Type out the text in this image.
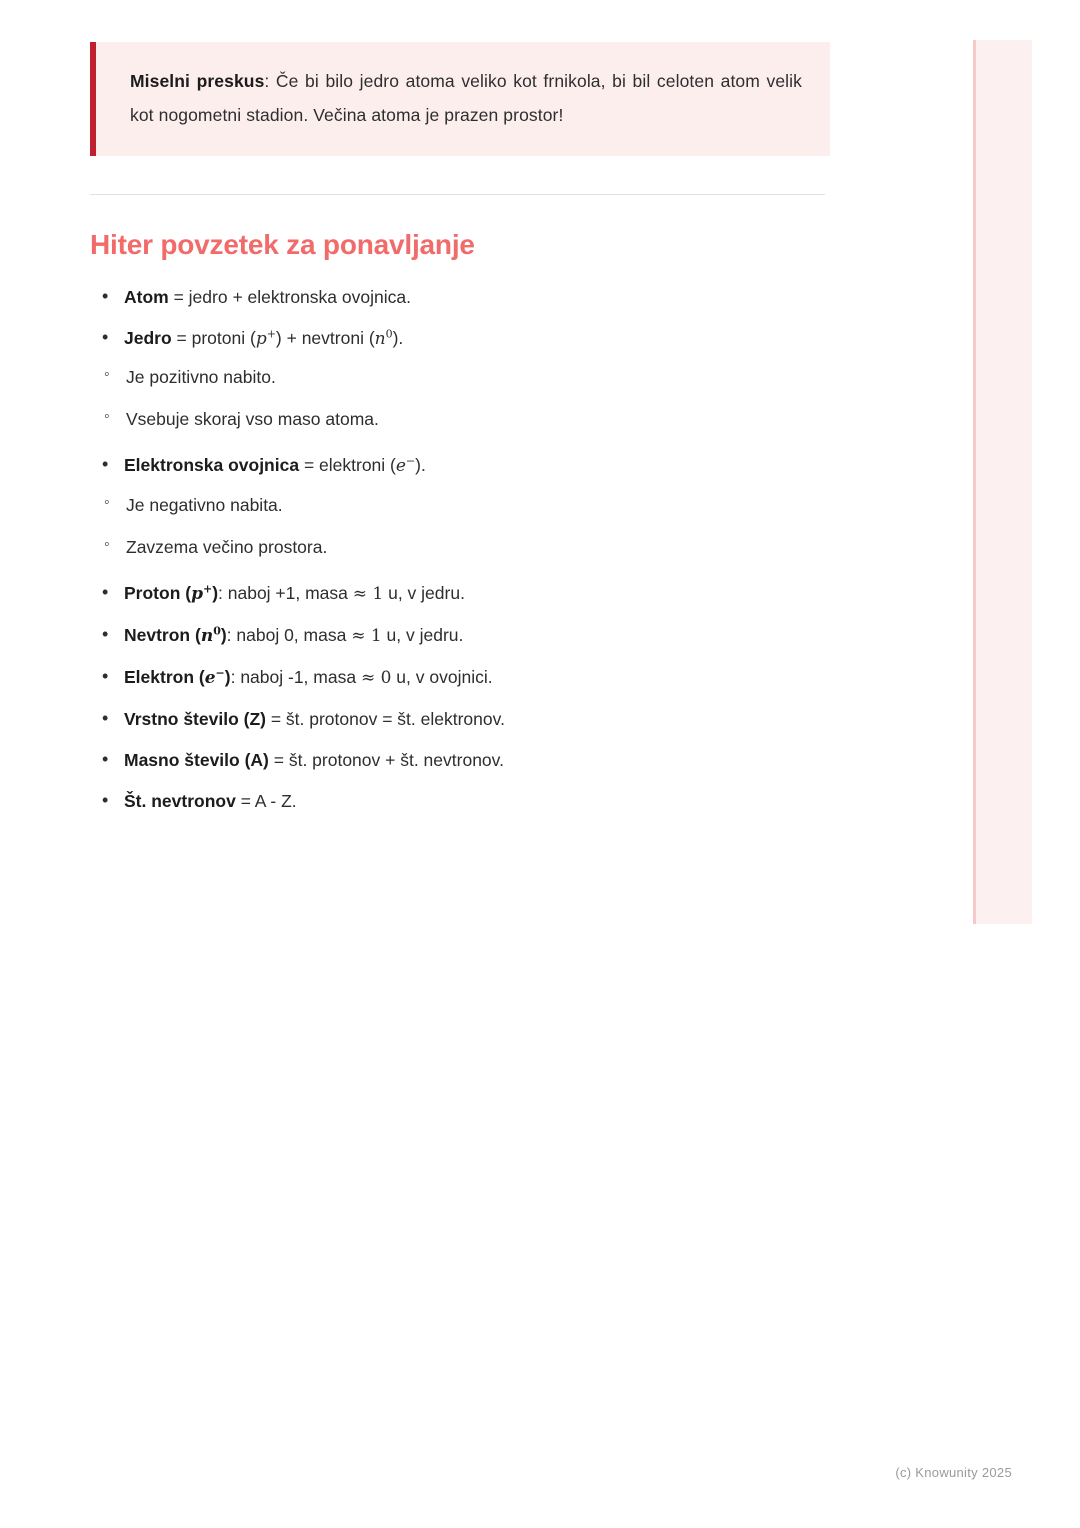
Miselni preskus: Če bi bilo jedro atoma veliko kot frnikola, bi bil celoten atom velik kot nogometni stadion. Večina atoma je prazen prostor!

Hiter povzetek za ponavljanje
• Atom = jedro + elektronska ovojnica.
• Jedro = protoni (p+) + nevtroni $(n^0)$.
◦ Je pozitivno nabito.
◦ Vsebuje skoraj vso maso atoma.
• Elektronska ovojnica = elektroni (e−).
◦ Je negativno nabita.
◦ Zavzema večino prostora.
• Proton (p+): naboj +1, masa ≈ 1 u, v jedru.
• Nevtron $(n^0)$: naboj 0, masa ≈ 1 u, v jedru.
• Elektron (e−): naboj -1, masa ≈ 0 u, v ovojnici.
• Vrstno število (Z) = št. protonov = št. elektronov.
• Masno število (A) = št. protonov + št. nevtronov.
• Št. nevtronov = A - Z.
(c) Knowunity 2025
